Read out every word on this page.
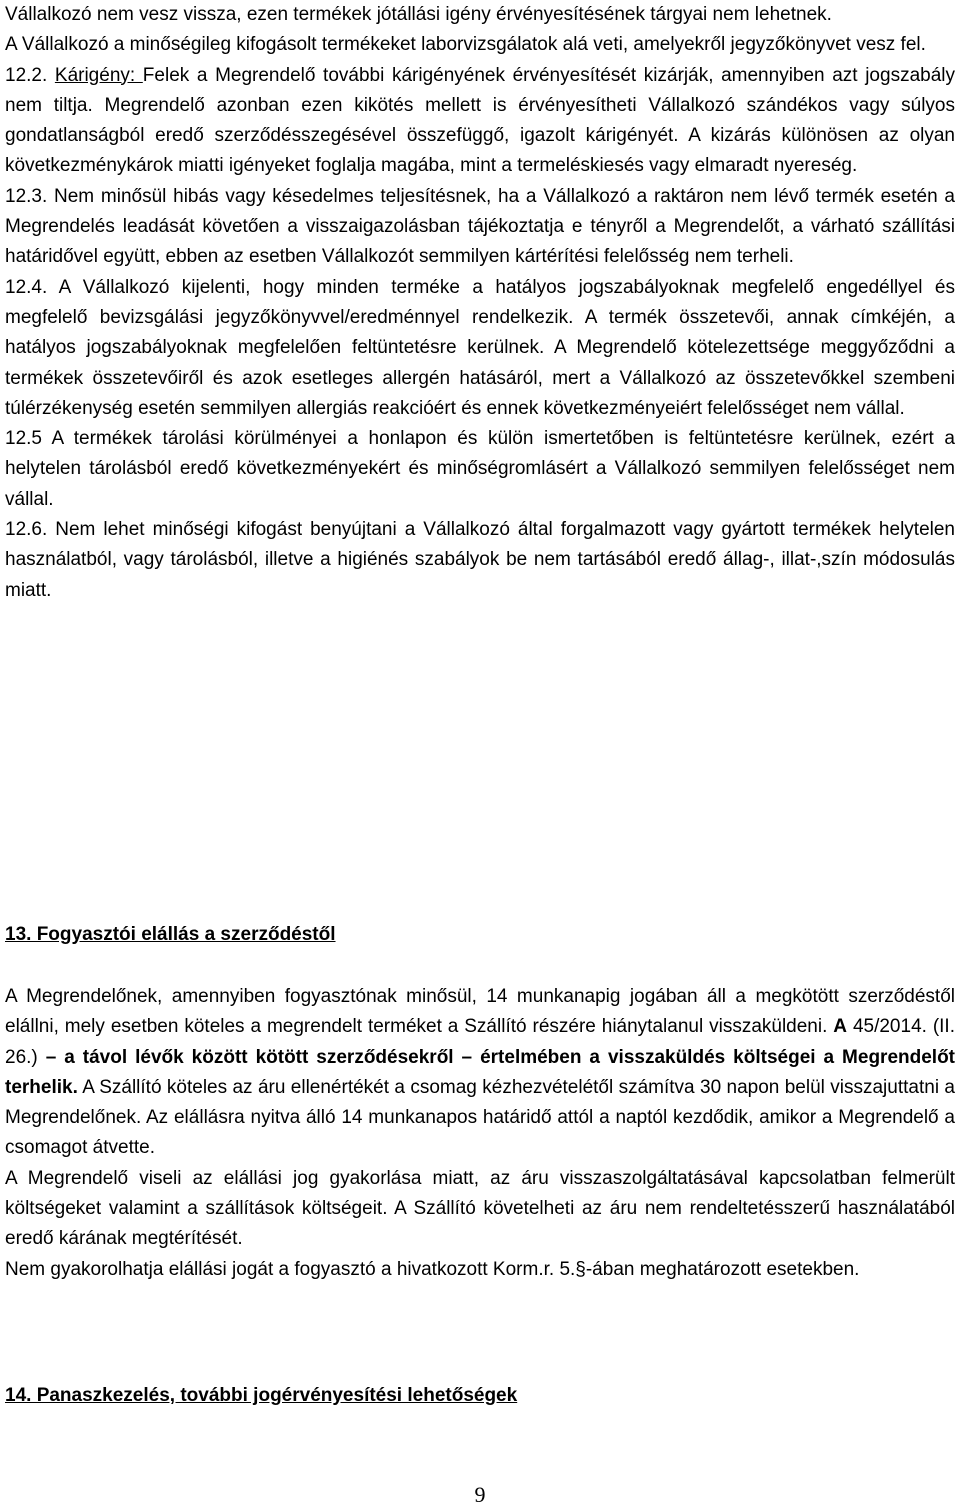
Vállalkozó nem vesz vissza, ezen termékek jótállási igény érvényesítésének tárgyai nem lehetnek.

A Vállalkozó a minőségileg kifogásolt termékeket laborvizsgálatok alá veti, amelyekről jegyzőkönyvet vesz fel.

12.2. Kárigény: Felek a Megrendelő további kárigényének érvényesítését kizárják, amennyiben azt jogszabály nem tiltja. Megrendelő azonban ezen kikötés mellett is érvényesítheti Vállalkozó szándékos vagy súlyos gondatlanságból eredő szerződésszegésével összefüggő, igazolt kárigényét. A kizárás különösen az olyan következménykárok miatti igényeket foglalja magába, mint a termeléskiesés vagy elmaradt nyereség.

12.3. Nem minősül hibás vagy késedelmes teljesítésnek, ha a Vállalkozó a raktáron nem lévő termék esetén a Megrendelés leadását követően a visszaigazolásban tájékoztatja e tényről a Megrendelőt, a várható szállítási határidővel együtt, ebben az esetben Vállalkozót semmilyen kártérítési felelősség nem terheli.

12.4. A Vállalkozó kijelenti, hogy minden terméke a hatályos jogszabályoknak megfelelő engedéllyel és megfelelő bevizsgálási jegyzőkönyvvel/eredménnyel rendelkezik. A termék összetevői, annak címkéjén, a hatályos jogszabályoknak megfelelően feltüntetésre kerülnek. A Megrendelő kötelezettsége meggyőződni a termékek összetevőiről és azok esetleges allergén hatásáról, mert a Vállalkozó az összetevőkkel szembeni túlérzékenység esetén semmilyen allergiás reakcióért és ennek következményeiért felelősséget nem vállal.

12.5 A termékek tárolási körülményei a honlapon és külön ismertetőben is feltüntetésre kerülnek, ezért a helytelen tárolásból eredő következményekért és minőségromlásért a Vállalkozó semmilyen felelősséget nem vállal.

12.6. Nem lehet minőségi kifogást benyújtani a Vállalkozó által forgalmazott vagy gyártott termékek helytelen használatból, vagy tárolásból, illetve a higiénés szabályok be nem tartásából eredő állag-, illat-,szín módosulás miatt.

13. Fogyasztói elállás a szerződéstől

A Megrendelőnek, amennyiben fogyasztónak minősül, 14 munkanapig jogában áll a megkötött szerződéstől elállni, mely esetben köteles a megrendelt terméket a Szállító részére hiánytalanul visszaküldeni. A 45/2014. (II. 26.) – a távol lévők között kötött szerződésekről – értelmében a visszaküldés költségei a Megrendelőt terhelik. A Szállító köteles az áru ellenértékét a csomag kézhezvételétől számítva 30 napon belül visszajuttatni a Megrendelőnek. Az elállásra nyitva álló 14 munkanapos határidő attól a naptól kezdődik, amikor a Megrendelő a csomagot átvette.

A Megrendelő viseli az elállási jog gyakorlása miatt, az áru visszaszolgáltatásával kapcsolatban felmerült költségeket valamint a szállítások költségeit. A Szállító követelheti az áru nem rendeltetésszerű használatából eredő kárának megtérítését.

Nem gyakorolhatja elállási jogát a fogyasztó a hivatkozott Korm.r. 5.§-ában meghatározott esetekben.

14. Panaszkezelés, további jogérvényesítési lehetőségek
9
